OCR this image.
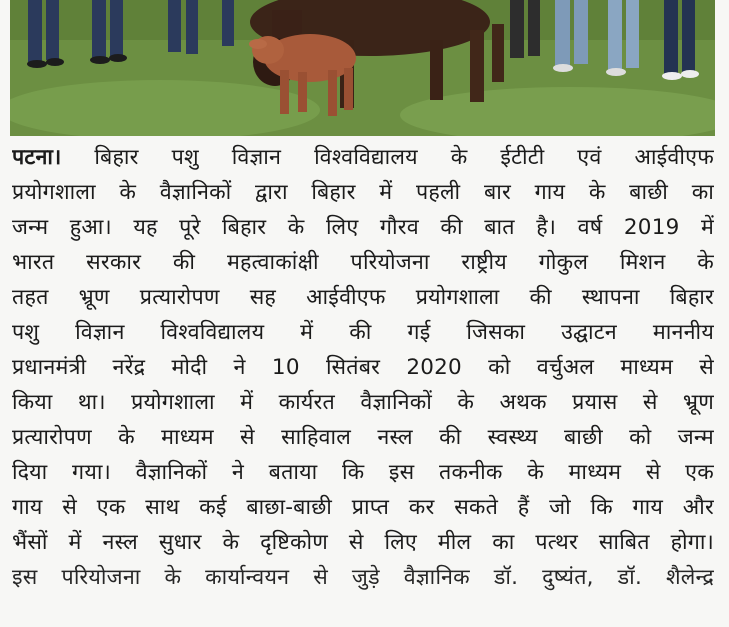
पटना। बिहार पशु विज्ञान विश्वविद्यालय के ईटीटी एवं आईवीएफ
प्रयोगशाला के वैज्ञानिकों द्वारा बिहार में पहली बार गाय के बाछी का
जन्म हुआ। यह पूरे बिहार के लिए गौरव की बात है। वर्ष 2019 में
भारत सरकार की महत्वाकांक्षी परियोजना राष्ट्रीय गोकुल मिशन के
तहत भ्रूण प्रत्यारोपण सह आईवीएफ प्रयोगशाला की स्थापना बिहार
पशु विज्ञान विश्वविद्यालय में की गई जिसका उद्घाटन माननीय
प्रधानमंत्री नरेंद्र मोदी ने 10 सितंबर 2020 को वर्चुअल माध्यम से
किया था। प्रयोगशाला में कार्यरत वैज्ञानिकों के अथक प्रयास से भ्रूण
प्रत्यारोपण के माध्यम से साहिवाल नस्ल की स्वस्थ्य बाछी को जन्म
दिया गया। वैज्ञानिकों ने बताया कि इस तकनीक के माध्यम से एक
गाय से एक साथ कई बाछा-बाछी प्राप्त कर सकते हैं जो कि गाय और
भैंसों में नस्ल सुधार के दृष्टिकोण से लिए मील का पत्थर साबित होगा।
इस परियोजना के कार्यान्वयन से जुड़े वैज्ञानिक डॉ. दुष्यंत, डॉ. शैलेन्द्र
